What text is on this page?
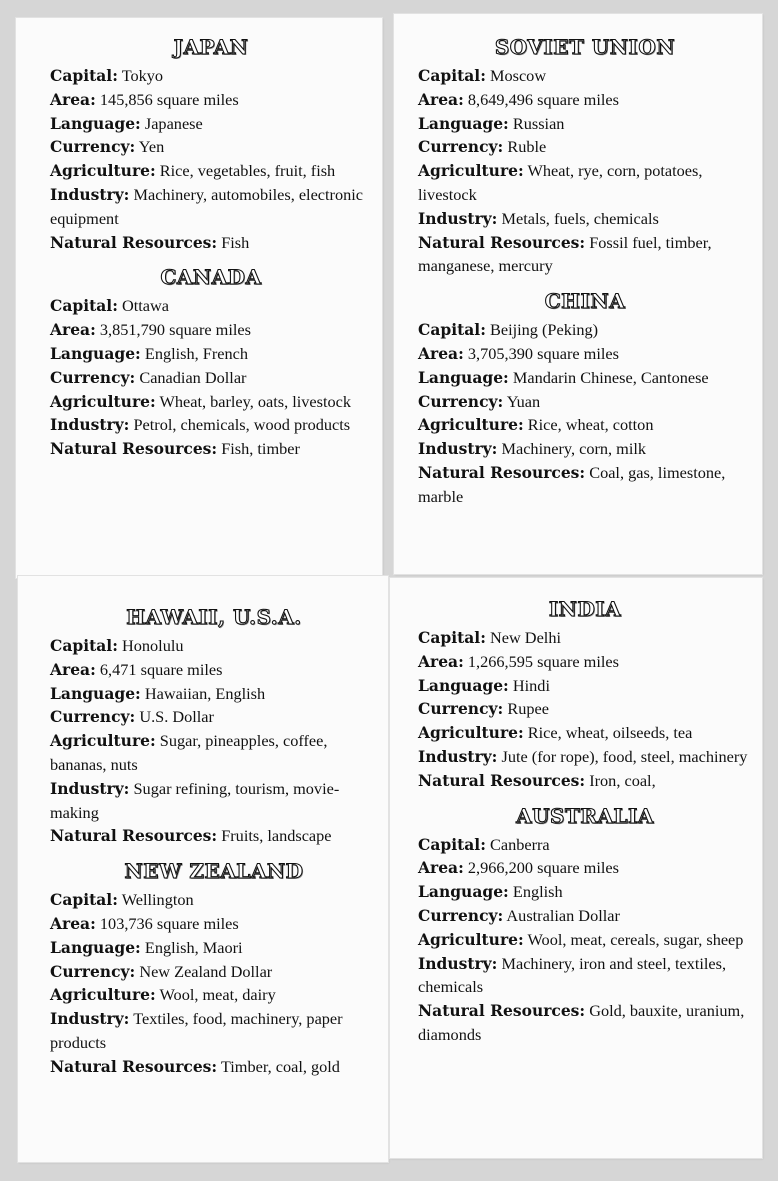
JAPAN
Capital: Tokyo
Area: 145,856 square miles
Language: Japanese
Currency: Yen
Agriculture: Rice, vegetables, fruit, fish
Industry: Machinery, automobiles, electronic equipment
Natural Resources: Fish
CANADA
Capital: Ottawa
Area: 3,851,790 square miles
Language: English, French
Currency: Canadian Dollar
Agriculture: Wheat, barley, oats, livestock
Industry: Petrol, chemicals, wood products
Natural Resources: Fish, timber
SOVIET UNION
Capital: Moscow
Area: 8,649,496 square miles
Language: Russian
Currency: Ruble
Agriculture: Wheat, rye, corn, potatoes, livestock
Industry: Metals, fuels, chemicals
Natural Resources: Fossil fuel, timber, manganese, mercury
CHINA
Capital: Beijing (Peking)
Area: 3,705,390 square miles
Language: Mandarin Chinese, Cantonese
Currency: Yuan
Agriculture: Rice, wheat, cotton
Industry: Machinery, corn, milk
Natural Resources: Coal, gas, limestone, marble
HAWAII, U.S.A.
Capital: Honolulu
Area: 6,471 square miles
Language: Hawaiian, English
Currency: U.S. Dollar
Agriculture: Sugar, pineapples, coffee, bananas, nuts
Industry: Sugar refining, tourism, movie-making
Natural Resources: Fruits, landscape
NEW ZEALAND
Capital: Wellington
Area: 103,736 square miles
Language: English, Maori
Currency: New Zealand Dollar
Agriculture: Wool, meat, dairy
Industry: Textiles, food, machinery, paper products
Natural Resources: Timber, coal, gold
INDIA
Capital: New Delhi
Area: 1,266,595 square miles
Language: Hindi
Currency: Rupee
Agriculture: Rice, wheat, oilseeds, tea
Industry: Jute (for rope), food, steel, machinery
Natural Resources: Iron, coal,
AUSTRALIA
Capital: Canberra
Area: 2,966,200 square miles
Language: English
Currency: Australian Dollar
Agriculture: Wool, meat, cereals, sugar, sheep
Industry: Machinery, iron and steel, textiles, chemicals
Natural Resources: Gold, bauxite, uranium, diamonds
